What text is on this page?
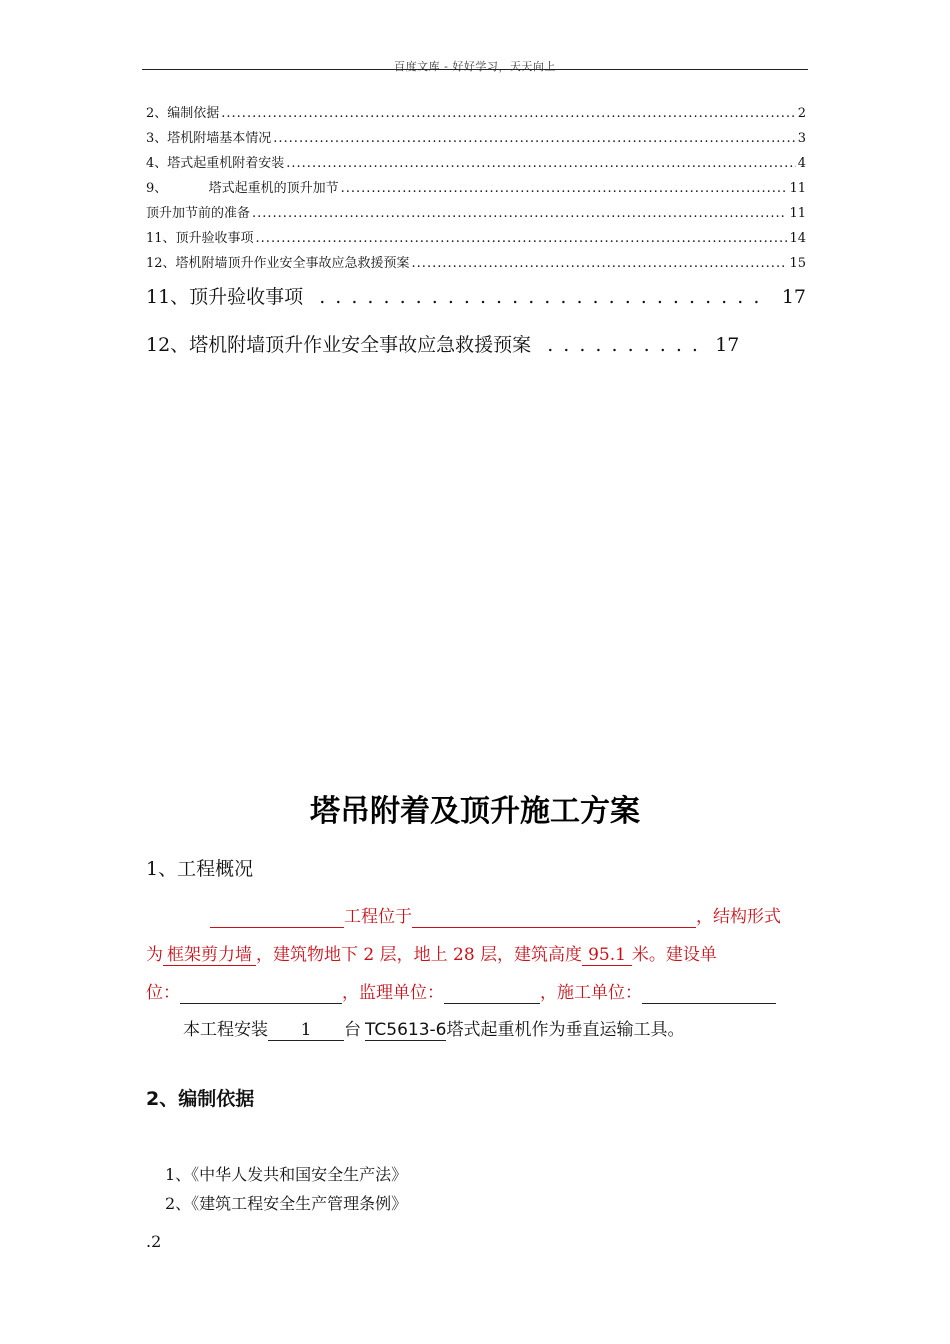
百度文库 - 好好学习，天天向上
2、编制依据 .....	2
3、塔机附墙基本情况 .....	3
4、塔式起重机附着安装 .....	4
9、          塔式起重机的顶升加节 .....	11
顶升加节前的准备 .....	11
11、顶升验收事项 .....	14
12、塔机附墙顶升作业安全事故应急救援预案 .....	15
11、顶升验收事项 . . .	17
12、塔机附墙顶升作业安全事故应急救援预案 . . .	17
塔吊附着及顶升施工方案
1、工程概况
工程位于	，结构形式
为 框架剪力墙 ，建筑物地下 2 层，地上 28 层，建筑高度 95.1 米。建设单
位：	，监理单位：	，施工单位：
本工程安装 1 台 TC5613-6塔式起重机作为垂直运输工具。
2、编制依据
1、《中华人发共和国安全生产法》
2、《建筑工程安全生产管理条例》
.2
